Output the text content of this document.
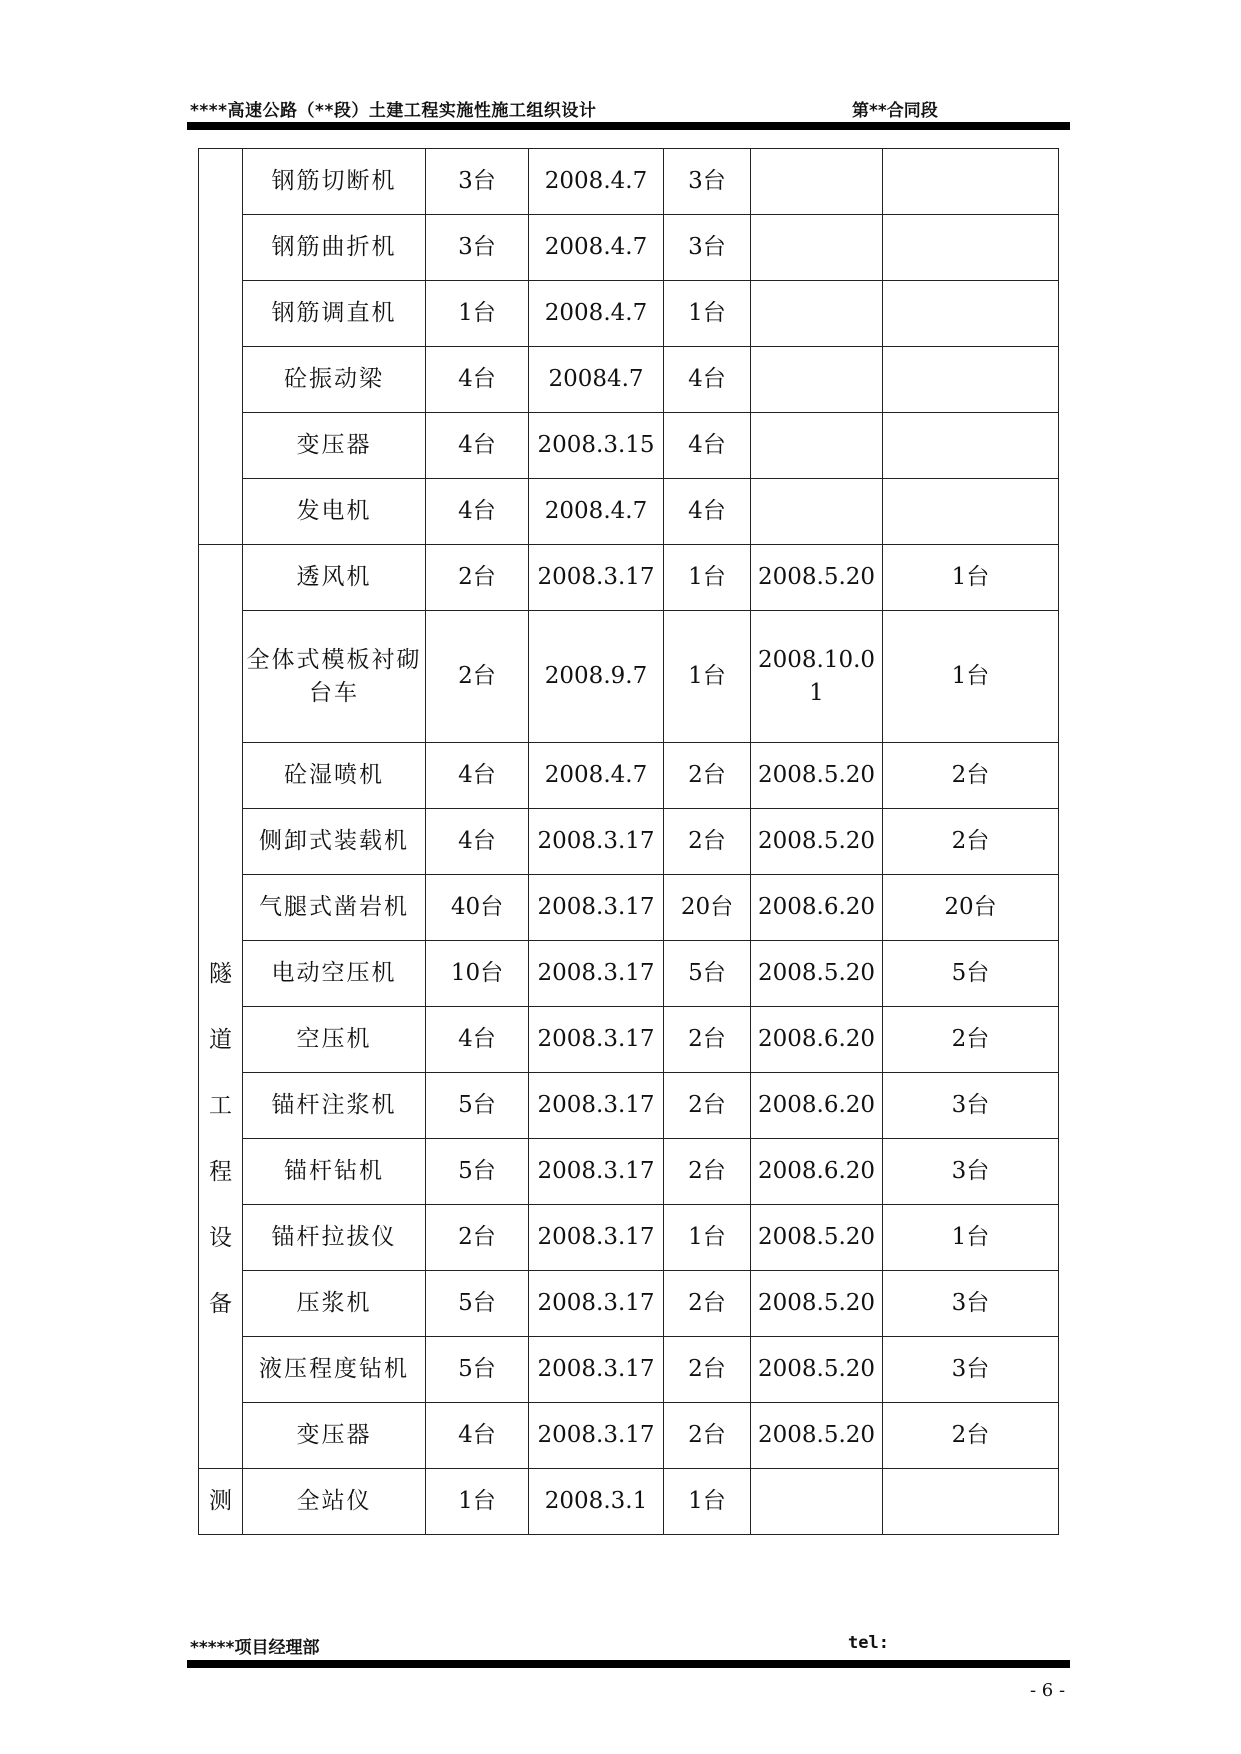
****高速公路（**段）土建工程实施性施工组织设计	第**合同段
	钢筋切断机	3台	2008.4.7	3台		
	钢筋曲折机	3台	2008.4.7	3台		
	钢筋调直机	1台	2008.4.7	1台		
	砼振动梁	4台	20084.7	4台		
	变压器	4台	2008.3.15	4台		
	发电机	4台	2008.4.7	4台		

隧道工程设备	透风机	2台	2008.3.17	1台	2008.5.20	1台
	全体式模板衬砌台车	2台	2008.9.7	1台	2008.10.01	1台
	砼湿喷机	4台	2008.4.7	2台	2008.5.20	2台
	侧卸式装载机	4台	2008.3.17	2台	2008.5.20	2台
	气腿式凿岩机	40台	2008.3.17	20台	2008.6.20	20台
	电动空压机	10台	2008.3.17	5台	2008.5.20	5台
	空压机	4台	2008.3.17	2台	2008.6.20	2台
	锚杆注浆机	5台	2008.3.17	2台	2008.6.20	3台
	锚杆钻机	5台	2008.3.17	2台	2008.6.20	3台
	锚杆拉拔仪	2台	2008.3.17	1台	2008.5.20	1台
	压浆机	5台	2008.3.17	2台	2008.5.20	3台
	液压程度钻机	5台	2008.3.17	2台	2008.5.20	3台
	变压器	4台	2008.3.17	2台	2008.5.20	2台
测	全站仪	1台	2008.3.1	1台		
*****项目经理部	tel:
- 6 -
